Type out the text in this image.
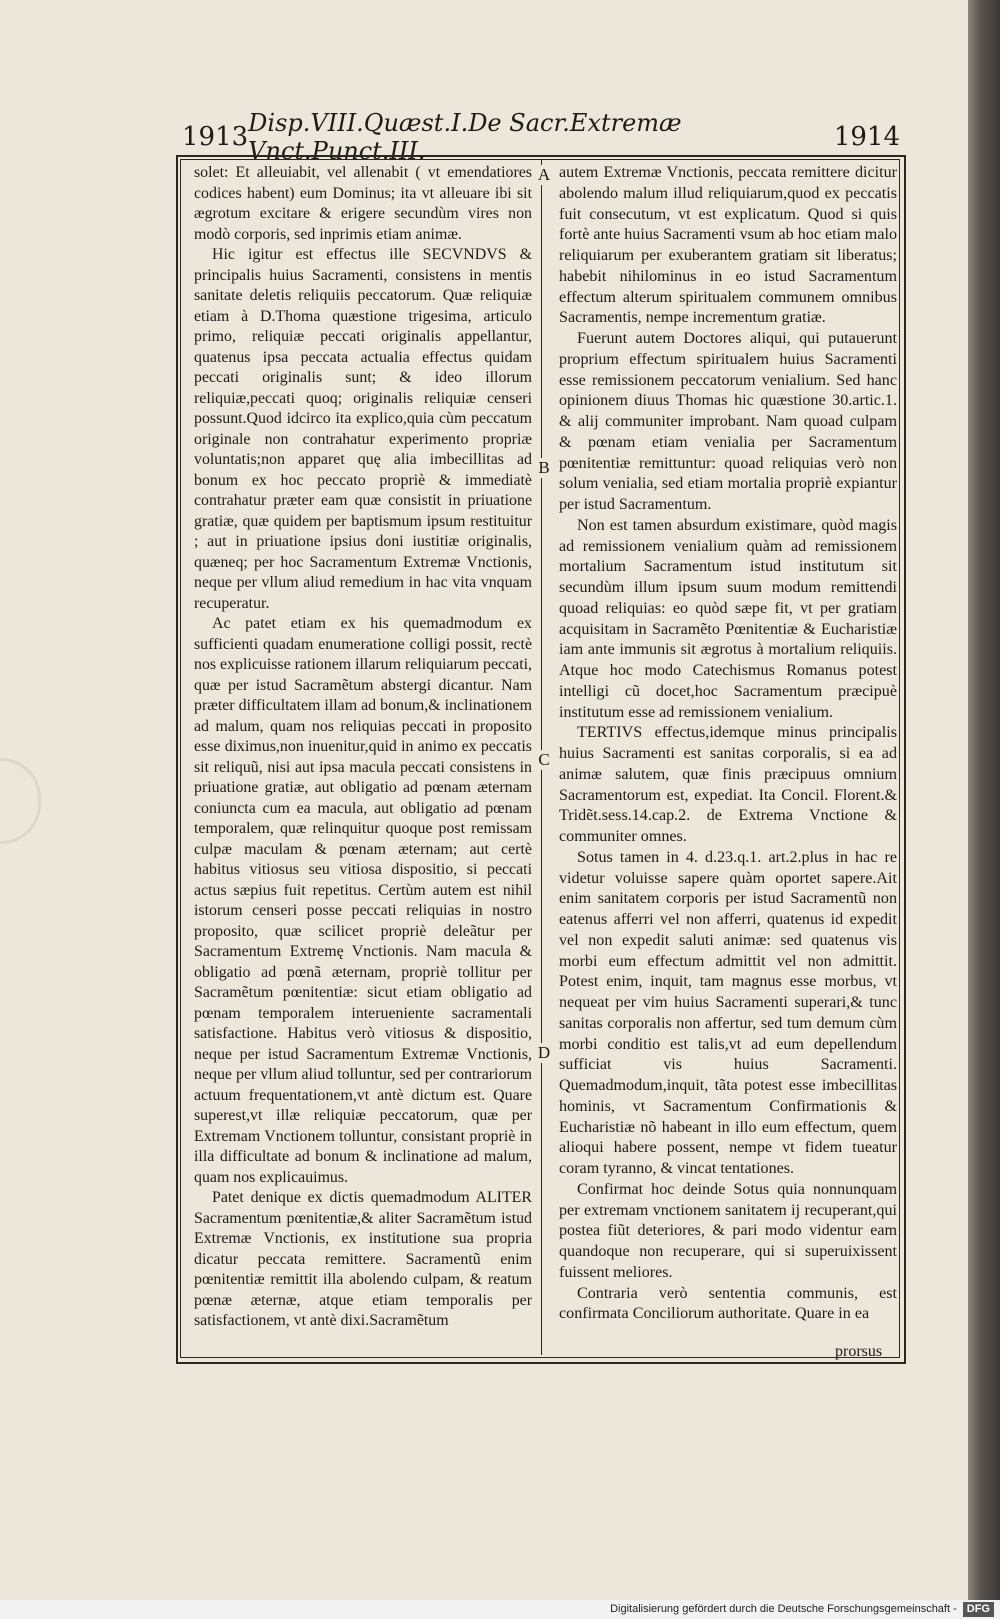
1913 Disp.VIII.Quæst.I.De Sacr.Extremæ Vnct.Punct.III.	1914
A
B
C
D

solet: Et alleuiabit, vel allenabit ( vt emendatiores codices habent) eum Dominus; ita vt alleuare ibi sit ægrotum excitare & erigere secundùm vires non modò corporis, sed inprimis etiam animæ.

Hic igitur est effectus ille SECVNDVS & principalis huius Sacramenti, consistens in mentis sanitate deletis reliquiis peccatorum. Quæ reliquiæ etiam à D.Thoma quæstione trigesima, articulo primo, reliquiæ peccati originalis appellantur, quatenus ipsa peccata actualia effectus quidam peccati originalis sunt; & ideo illorum reliquiæ,peccati quoq; originalis reliquiæ censeri possunt.Quod idcirco ita explico,quia cùm peccatum originale non contrahatur experimento propriæ voluntatis;non apparet quę alia imbecillitas ad bonum ex hoc peccato propriè & immediatè contrahatur præter eam quæ consistit in priuatione gratiæ, quæ quidem per baptismum ipsum restituitur ; aut in priuatione ipsius doni iustitiæ originalis, quæneq; per hoc Sacramentum Extremæ Vnctionis, neque per vllum aliud remedium in hac vita vnquam recuperatur.

Ac patet etiam ex his quemadmodum ex sufficienti quadam enumeratione colligi possit, rectè nos explicuisse rationem illarum reliquiarum peccati, quæ per istud Sacramẽtum abstergi dicantur. Nam præter difficultatem illam ad bonum,& inclinationem ad malum, quam nos reliquias peccati in proposito esse diximus,non inuenitur,quid in animo ex peccatis sit reliquũ, nisi aut ipsa macula peccati consistens in priuatione gratiæ, aut obligatio ad pœnam æternam coniuncta cum ea macula, aut obligatio ad pœnam temporalem, quæ relinquitur quoque post remissam culpæ maculam & pœnam æternam; aut certè habitus vitiosus seu vitiosa dispositio, si peccati actus sæpius fuit repetitus. Certùm autem est nihil istorum censeri posse peccati reliquias in nostro proposito, quæ scilicet propriè deleãtur per Sacramentum Extremę Vnctionis. Nam macula & obligatio ad pœnã æternam, propriè tollitur per Sacramẽtum pœnitentiæ: sicut etiam obligatio ad pœnam temporalem interueniente sacramentali satisfactione. Habitus verò vitiosus & dispositio, neque per istud Sacramentum Extremæ Vnctionis, neque per vllum aliud tolluntur, sed per contrariorum actuum frequentationem,vt antè dictum est. Quare superest,vt illæ reliquiæ peccatorum, quæ per Extremam Vnctionem tolluntur, consistant propriè in illa difficultate ad bonum & inclinatione ad malum, quam nos explicauimus.

Patet denique ex dictis quemadmodum ALITER Sacramentum pœnitentiæ,& aliter Sacramẽtum istud Extremæ Vnctionis, ex institutione sua propria dicatur peccata remittere. Sacramentũ enim pœnitentiæ remittit illa abolendo culpam, & reatum pœnæ æternæ, atque etiam temporalis per satisfactionem, vt antè dixi.Sacramẽtum

autem Extremæ Vnctionis, peccata remittere dicitur abolendo malum illud reliquiarum,quod ex peccatis fuit consecutum, vt est explicatum. Quod si quis fortè ante huius Sacramenti vsum ab hoc etiam malo reliquiarum per exuberantem gratiam sit liberatus; habebit nihilominus in eo istud Sacramentum effectum alterum spiritualem communem omnibus Sacramentis, nempe incrementum gratiæ.

Fuerunt autem Doctores aliqui, qui putauerunt proprium effectum spiritualem huius Sacramenti esse remissionem peccatorum venialium. Sed hanc opinionem diuus Thomas hic quæstione 30.artic.1. & alij communiter improbant. Nam quoad culpam & pœnam etiam venialia per Sacramentum pœnitentiæ remittuntur: quoad reliquias verò non solum venialia, sed etiam mortalia propriè expiantur per istud Sacramentum.

Non est tamen absurdum existimare, quòd magis ad remissionem venialium quàm ad remissionem mortalium Sacramentum istud institutum sit secundùm illum ipsum suum modum remittendi quoad reliquias: eo quòd sæpe fit, vt per gratiam acquisitam in Sacramẽto Pœnitentiæ & Eucharistiæ iam ante immunis sit ægrotus à mortalium reliquiis. Atque hoc modo Catechismus Romanus potest intelligi cũ docet,hoc Sacramentum præcipuè institutum esse ad remissionem venialium.

TERTIVS effectus,idemque minus principalis huius Sacramenti est sanitas corporalis, si ea ad animæ salutem, quæ finis præcipuus omnium Sacramentorum est, expediat. Ita Concil. Florent.& Tridẽt.sess.14.cap.2. de Extrema Vnctione & communiter omnes.

Sotus tamen in 4. d.23.q.1. art.2.plus in hac re videtur voluisse sapere quàm oportet sapere.Ait enim sanitatem corporis per istud Sacramentũ non eatenus afferri vel non afferri, quatenus id expedit vel non expedit saluti animæ: sed quatenus vis morbi eum effectum admittit vel non admittit. Potest enim, inquit, tam magnus esse morbus, vt nequeat per vim huius Sacramenti superari,& tunc sanitas corporalis non affertur, sed tum demum cùm morbi conditio est talis,vt ad eum depellendum sufficiat vis huius Sacramenti. Quemadmodum,inquit, tãta potest esse imbecillitas hominis, vt Sacramentum Confirmationis & Eucharistiæ nõ habeant in illo eum effectum, quem alioqui habere possent, nempe vt fidem tueatur coram tyranno, & vincat tentationes.

Confirmat hoc deinde Sotus quia nonnunquam per extremam vnctionem sanitatem ij recuperant,qui postea fiũt deteriores, & pari modo videntur eam quandoque non recuperare, qui si superuixissent fuissent meliores.

Contraria verò sententia communis, est confirmata Conciliorum authoritate. Quare in ea

prorsus
Digitalisierung gefördert durch die Deutsche Forschungsgemeinschaft - DFG
